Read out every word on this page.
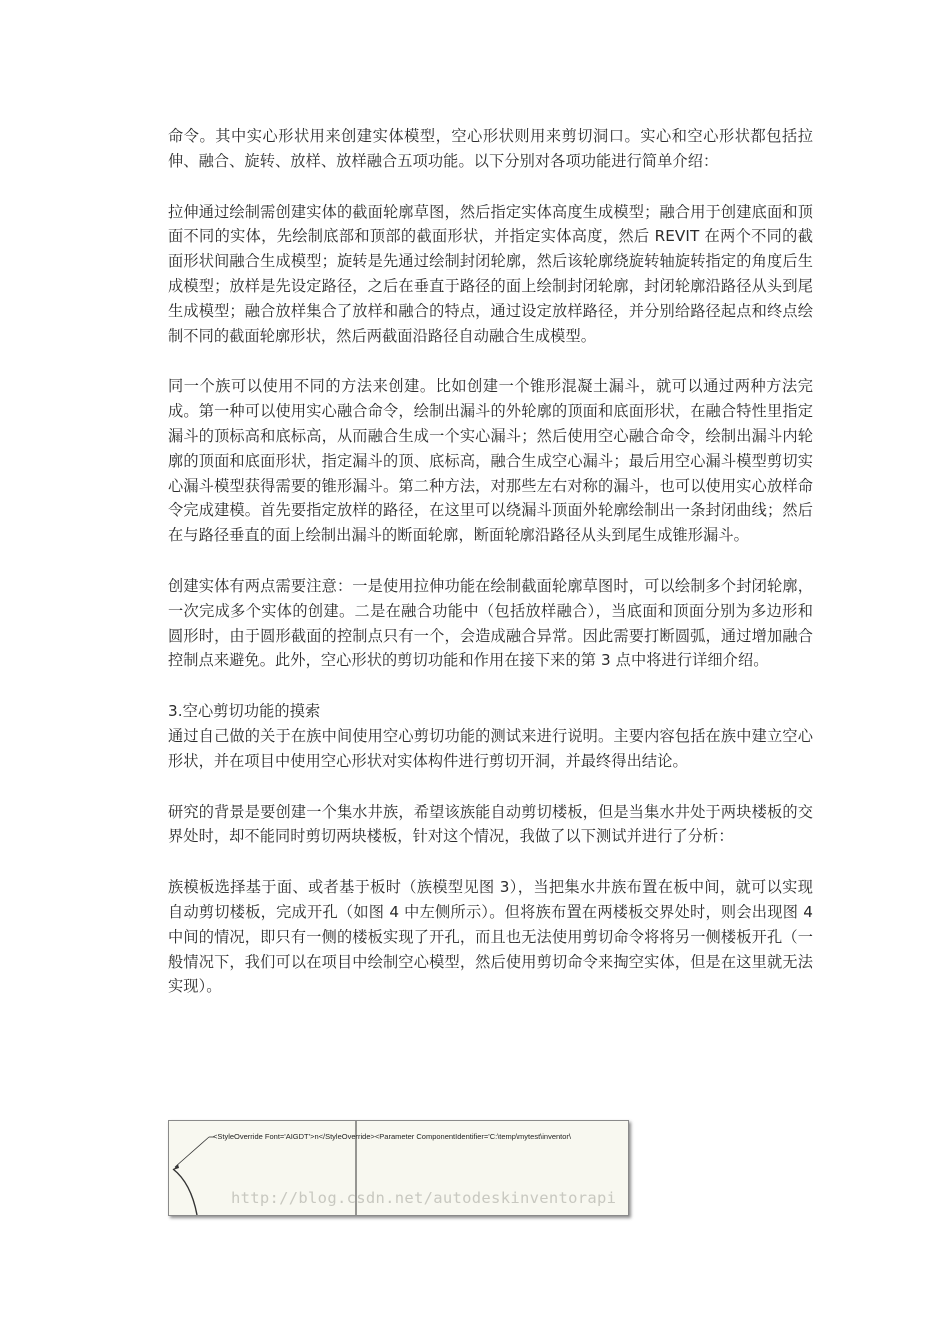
命令。其中实心形状用来创建实体模型，空心形状则用来剪切洞口。实心和空心形状都包括拉伸、融合、旋转、放样、放样融合五项功能。以下分别对各项功能进行简单介绍：

拉伸通过绘制需创建实体的截面轮廓草图，然后指定实体高度生成模型；融合用于创建底面和顶面不同的实体，先绘制底部和顶部的截面形状，并指定实体高度，然后 REVIT 在两个不同的截面形状间融合生成模型；旋转是先通过绘制封闭轮廓，然后该轮廓绕旋转轴旋转指定的角度后生成模型；放样是先设定路径，之后在垂直于路径的面上绘制封闭轮廓，封闭轮廓沿路径从头到尾生成模型；融合放样集合了放样和融合的特点，通过设定放样路径，并分别给路径起点和终点绘制不同的截面轮廓形状，然后两截面沿路径自动融合生成模型。

同一个族可以使用不同的方法来创建。比如创建一个锥形混凝土漏斗，就可以通过两种方法完成。第一种可以使用实心融合命令，绘制出漏斗的外轮廓的顶面和底面形状，在融合特性里指定漏斗的顶标高和底标高，从而融合生成一个实心漏斗；然后使用空心融合命令，绘制出漏斗内轮廓的顶面和底面形状，指定漏斗的顶、底标高，融合生成空心漏斗；最后用空心漏斗模型剪切实心漏斗模型获得需要的锥形漏斗。第二种方法，对那些左右对称的漏斗，也可以使用实心放样命令完成建模。首先要指定放样的路径，在这里可以绕漏斗顶面外轮廓绘制出一条封闭曲线；然后在与路径垂直的面上绘制出漏斗的断面轮廓，断面轮廓沿路径从头到尾生成锥形漏斗。

创建实体有两点需要注意：一是使用拉伸功能在绘制截面轮廓草图时，可以绘制多个封闭轮廓，一次完成多个实体的创建。二是在融合功能中（包括放样融合），当底面和顶面分别为多边形和圆形时，由于圆形截面的控制点只有一个，会造成融合异常。因此需要打断圆弧，通过增加融合控制点来避免。此外，空心形状的剪切功能和作用在接下来的第 3 点中将进行详细介绍。

3.空心剪切功能的摸索

通过自己做的关于在族中间使用空心剪切功能的测试来进行说明。主要内容包括在族中建立空心形状，并在项目中使用空心形状对实体构件进行剪切开洞，并最终得出结论。

研究的背景是要创建一个集水井族，希望该族能自动剪切楼板，但是当集水井处于两块楼板的交界处时，却不能同时剪切两块楼板，针对这个情况，我做了以下测试并进行了分析：

族模板选择基于面、或者基于板时（族模型见图 3），当把集水井族布置在板中间，就可以实现自动剪切楼板，完成开孔（如图 4 中左侧所示）。但将族布置在两楼板交界处时，则会出现图 4 中间的情况，即只有一侧的楼板实现了开孔，而且也无法使用剪切命令将将另一侧楼板开孔（一般情况下，我们可以在项目中绘制空心模型，然后使用剪切命令来掏空实体，但是在这里就无法实现）。

<StyleOverride Font='AIGDT'>n</StyleOverride><Parameter ComponentIdentifier='C:\temp\mytest\inventor\
http://blog.csdn.net/autodeskinventorapi
